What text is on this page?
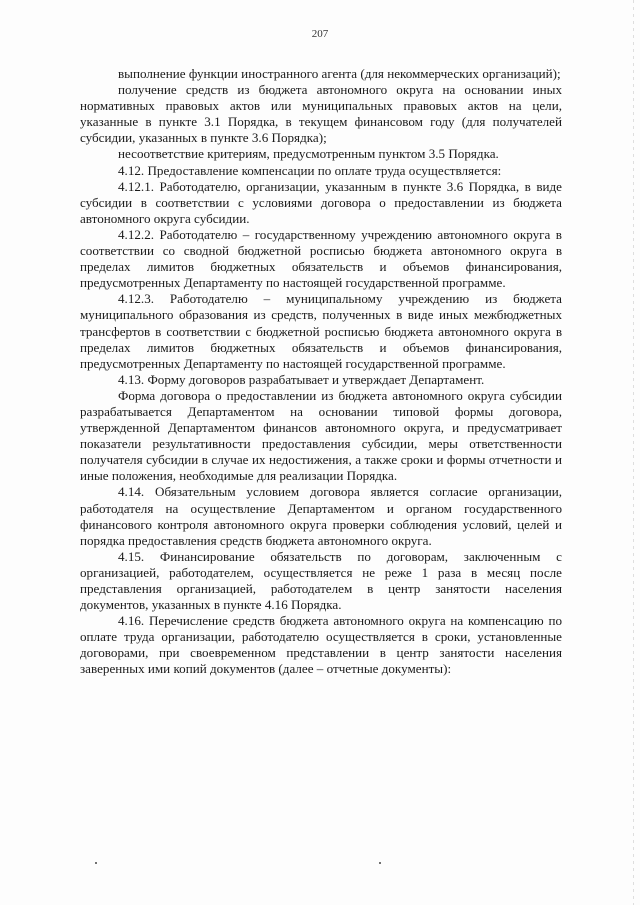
207

выполнение функции иностранного агента (для некоммерческих организаций);

получение средств из бюджета автономного округа на основании иных нормативных правовых актов или муниципальных правовых актов на цели, указанные в пункте 3.1 Порядка, в текущем финансовом году (для получателей субсидии, указанных в пункте 3.6 Порядка);

несоответствие критериям, предусмотренным пунктом 3.5 Порядка.

4.12. Предоставление компенсации по оплате труда осуществляется:

4.12.1. Работодателю, организации, указанным в пункте 3.6 Порядка, в виде субсидии в соответствии с условиями договора о предоставлении из бюджета автономного округа субсидии.

4.12.2. Работодателю – государственному учреждению автономного округа в соответствии со сводной бюджетной росписью бюджета автономного округа в пределах лимитов бюджетных обязательств и объемов финансирования, предусмотренных Департаменту по настоящей государственной программе.

4.12.3. Работодателю – муниципальному учреждению из бюджета муниципального образования из средств, полученных в виде иных межбюджетных трансфертов в соответствии с бюджетной росписью бюджета автономного округа в пределах лимитов бюджетных обязательств и объемов финансирования, предусмотренных Департаменту по настоящей государственной программе.

4.13. Форму договоров разрабатывает и утверждает Департамент.

Форма договора о предоставлении из бюджета автономного округа субсидии разрабатывается Департаментом на основании типовой формы договора, утвержденной Департаментом финансов автономного округа, и предусматривает показатели результативности предоставления субсидии, меры ответственности получателя субсидии в случае их недостижения, а также сроки и формы отчетности и иные положения, необходимые для реализации Порядка.

4.14. Обязательным условием договора является согласие организации, работодателя на осуществление Департаментом и органом государственного финансового контроля автономного округа проверки соблюдения условий, целей и порядка предоставления средств бюджета автономного округа.

4.15. Финансирование обязательств по договорам, заключенным с организацией, работодателем, осуществляется не реже 1 раза в месяц после представления организацией, работодателем в центр занятости населения документов, указанных в пункте 4.16 Порядка.

4.16. Перечисление средств бюджета автономного округа на компенсацию по оплате труда организации, работодателю осуществляется в сроки, установленные договорами, при своевременном представлении в центр занятости населения заверенных ими копий документов (далее – отчетные документы):
